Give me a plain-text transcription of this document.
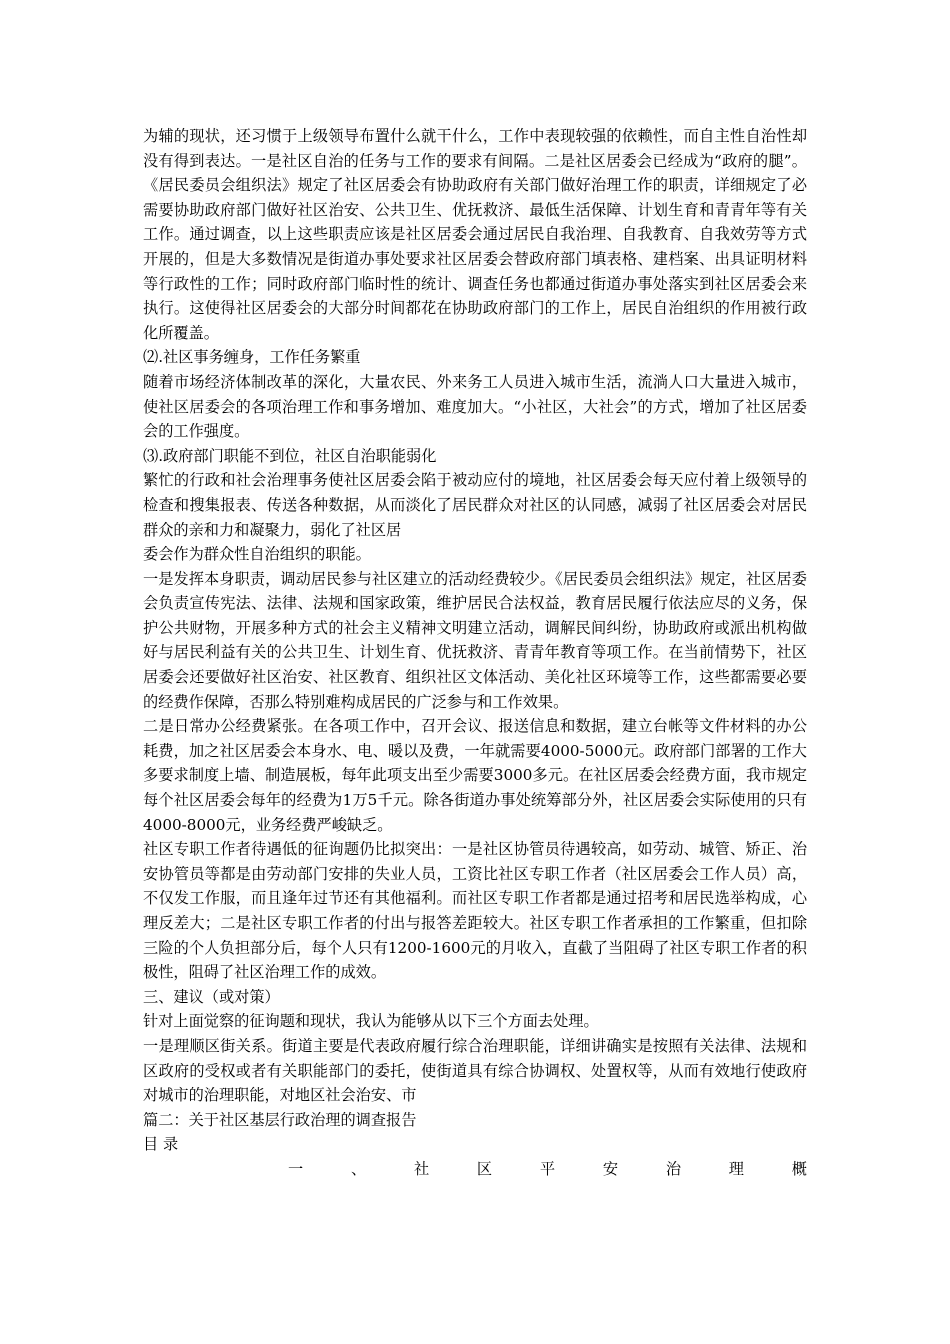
为辅的现状，还习惯于上级领导布置什么就干什么，工作中表现较强的依赖性，而自主性自治性却没有得到表达。一是社区自治的任务与工作的要求有间隔。二是社区居委会已经成为“政府的腿”。《居民委员会组织法》规定了社区居委会有协助政府有关部门做好治理工作的职责，详细规定了必需要协助政府部门做好社区治安、公共卫生、优抚救济、最低生活保障、计划生育和青青年等有关工作。通过调查，以上这些职责应该是社区居委会通过居民自我治理、自我教育、自我效劳等方式开展的，但是大多数情况是街道办事处要求社区居委会替政府部门填表格、建档案、出具证明材料等行政性的工作；同时政府部门临时性的统计、调查任务也都通过街道办事处落实到社区居委会来执行。这使得社区居委会的大部分时间都花在协助政府部门的工作上，居民自治组织的作用被行政化所覆盖。

⑵.社区事务缠身，工作任务繁重

随着市场经济体制改革的深化，大量农民、外来务工人员进入城市生活，流淌人口大量进入城市，使社区居委会的各项治理工作和事务增加、难度加大。“小社区，大社会”的方式，增加了社区居委会的工作强度。

⑶.政府部门职能不到位，社区自治职能弱化

繁忙的行政和社会治理事务使社区居委会陷于被动应付的境地，社区居委会每天应付着上级领导的检查和搜集报表、传送各种数据，从而淡化了居民群众对社区的认同感，减弱了社区居委会对居民群众的亲和力和凝聚力，弱化了社区居

委会作为群众性自治组织的职能。

一是发挥本身职责，调动居民参与社区建立的活动经费较少。《居民委员会组织法》规定，社区居委会负责宣传宪法、法律、法规和国家政策，维护居民合法权益，教育居民履行依法应尽的义务，保护公共财物，开展多种方式的社会主义精神文明建立活动，调解民间纠纷，协助政府或派出机构做好与居民利益有关的公共卫生、计划生育、优抚救济、青青年教育等项工作。在当前情势下，社区居委会还要做好社区治安、社区教育、组织社区文体活动、美化社区环境等工作，这些都需要必要的经费作保障，否那么特别难构成居民的广泛参与和工作效果。

二是日常办公经费紧张。在各项工作中，召开会议、报送信息和数据，建立台帐等文件材料的办公耗费，加之社区居委会本身水、电、暖以及费，一年就需要4000-5000元。政府部门部署的工作大多要求制度上墙、制造展板，每年此项支出至少需要3000多元。在社区居委会经费方面，我市规定每个社区居委会每年的经费为1万5千元。除各街道办事处统筹部分外，社区居委会实际使用的只有4000-8000元，业务经费严峻缺乏。

社区专职工作者待遇低的征询题仍比拟突出：一是社区协管员待遇较高，如劳动、城管、矫正、治安协管员等都是由劳动部门安排的失业人员，工资比社区专职工作者（社区居委会工作人员）高，不仅发工作服，而且逢年过节还有其他福利。而社区专职工作者都是通过招考和居民选举构成，心理反差大；二是社区专职工作者的付出与报答差距较大。社区专职工作者承担的工作繁重，但扣除三险的个人负担部分后，每个人只有1200-1600元的月收入，直截了当阻碍了社区专职工作者的积极性，阻碍了社区治理工作的成效。

三、建议（或对策）

针对上面觉察的征询题和现状，我认为能够从以下三个方面去处理。

一是理顺区街关系。街道主要是代表政府履行综合治理职能，详细讲确实是按照有关法律、法规和区政府的受权或者有关职能部门的委托，使街道具有综合协调权、处置权等，从而有效地行使政府对城市的治理职能，对地区社会治安、市

篇二：关于社区基层行政治理的调查报告

目 录

一	、	社	区	平	安	治	理	概
